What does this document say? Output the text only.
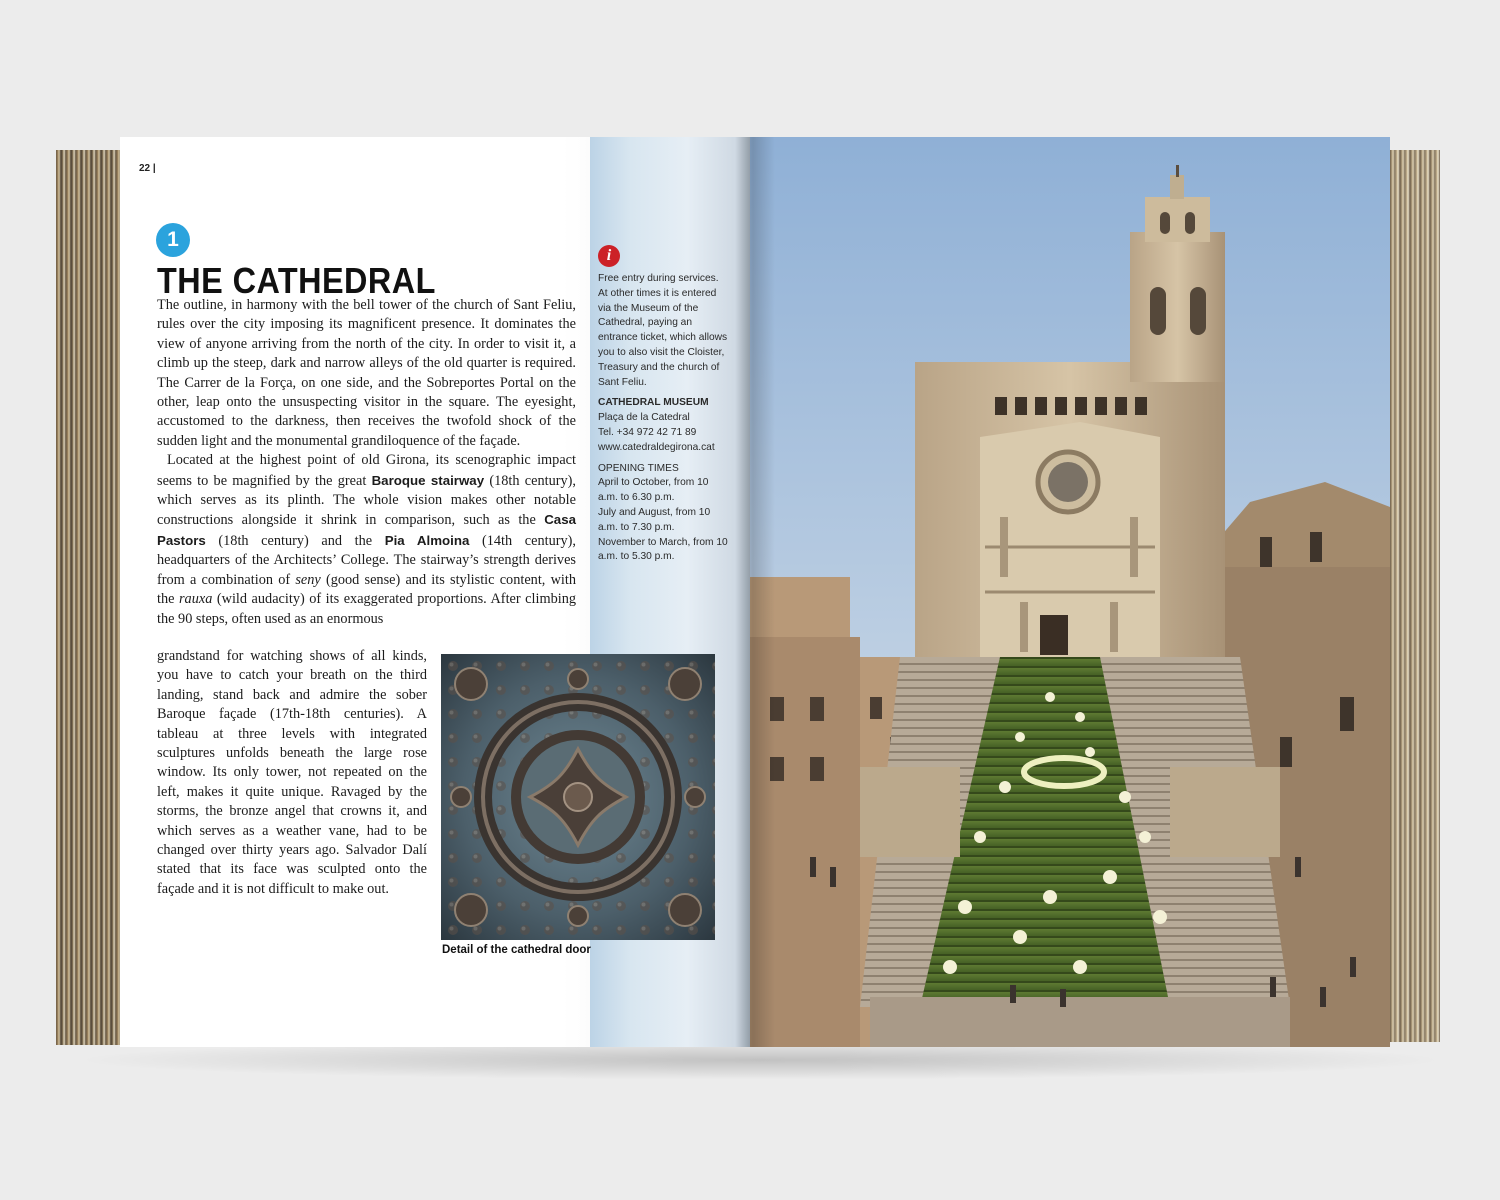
22 |
1
THE CATHEDRAL

The outline, in harmony with the bell tower of the church of Sant Feliu, rules over the city imposing its magnificent presence. It dominates the view of anyone arriving from the north of the city. In order to visit it, a climb up the steep, dark and narrow alleys of the old quarter is required. The Carrer de la Força, on one side, and the Sobreportes Portal on the other, leap onto the unsuspecting visitor in the square. The eyesight, accustomed to the darkness, then receives the twofold shock of the sudden light and the monumental grandiloquence of the façade.

Located at the highest point of old Girona, its scenographic impact seems to be magnified by the great Baroque stairway (18th century), which serves as its plinth. The whole vision makes other notable constructions alongside it shrink in comparison, such as the Casa Pastors (18th century) and the Pia Almoina (14th century), headquarters of the Architects’ College. The stairway’s strength derives from a combination of seny (good sense) and its stylistic content, with the rauxa (wild audacity) of its exaggerated proportions. After climbing the 90 steps, often used as an enormous

grandstand for watching shows of all kinds, you have to catch your breath on the third landing, stand back and admire the sober Baroque façade (17th-18th centuries). A tableau at three levels with integrated sculptures unfolds beneath the large rose window. Its only tower, not repeated on the left, makes it quite unique. Ravaged by the storms, the bronze angel that crowns it, and which serves as a weather vane, had to be changed over thirty years ago. Salvador Dalí stated that its face was sculpted onto the façade and it is not difficult to make out.
Detail of the cathedral door
i
Free entry during services. At other times it is entered via the Museum of the Cathedral, paying an entrance ticket, which allows you to also visit the Cloister, Treasury and the church of Sant Feliu.
CATHEDRAL MUSEUM
Plaça de la Catedral
Tel. +34 972 42 71 89
www.catedraldegirona.cat
OPENING TIMES
April to October, from 10 a.m. to 6.30 p.m.
July and August, from 10 a.m. to 7.30 p.m.
November to March, from 10 a.m. to 5.30 p.m.
